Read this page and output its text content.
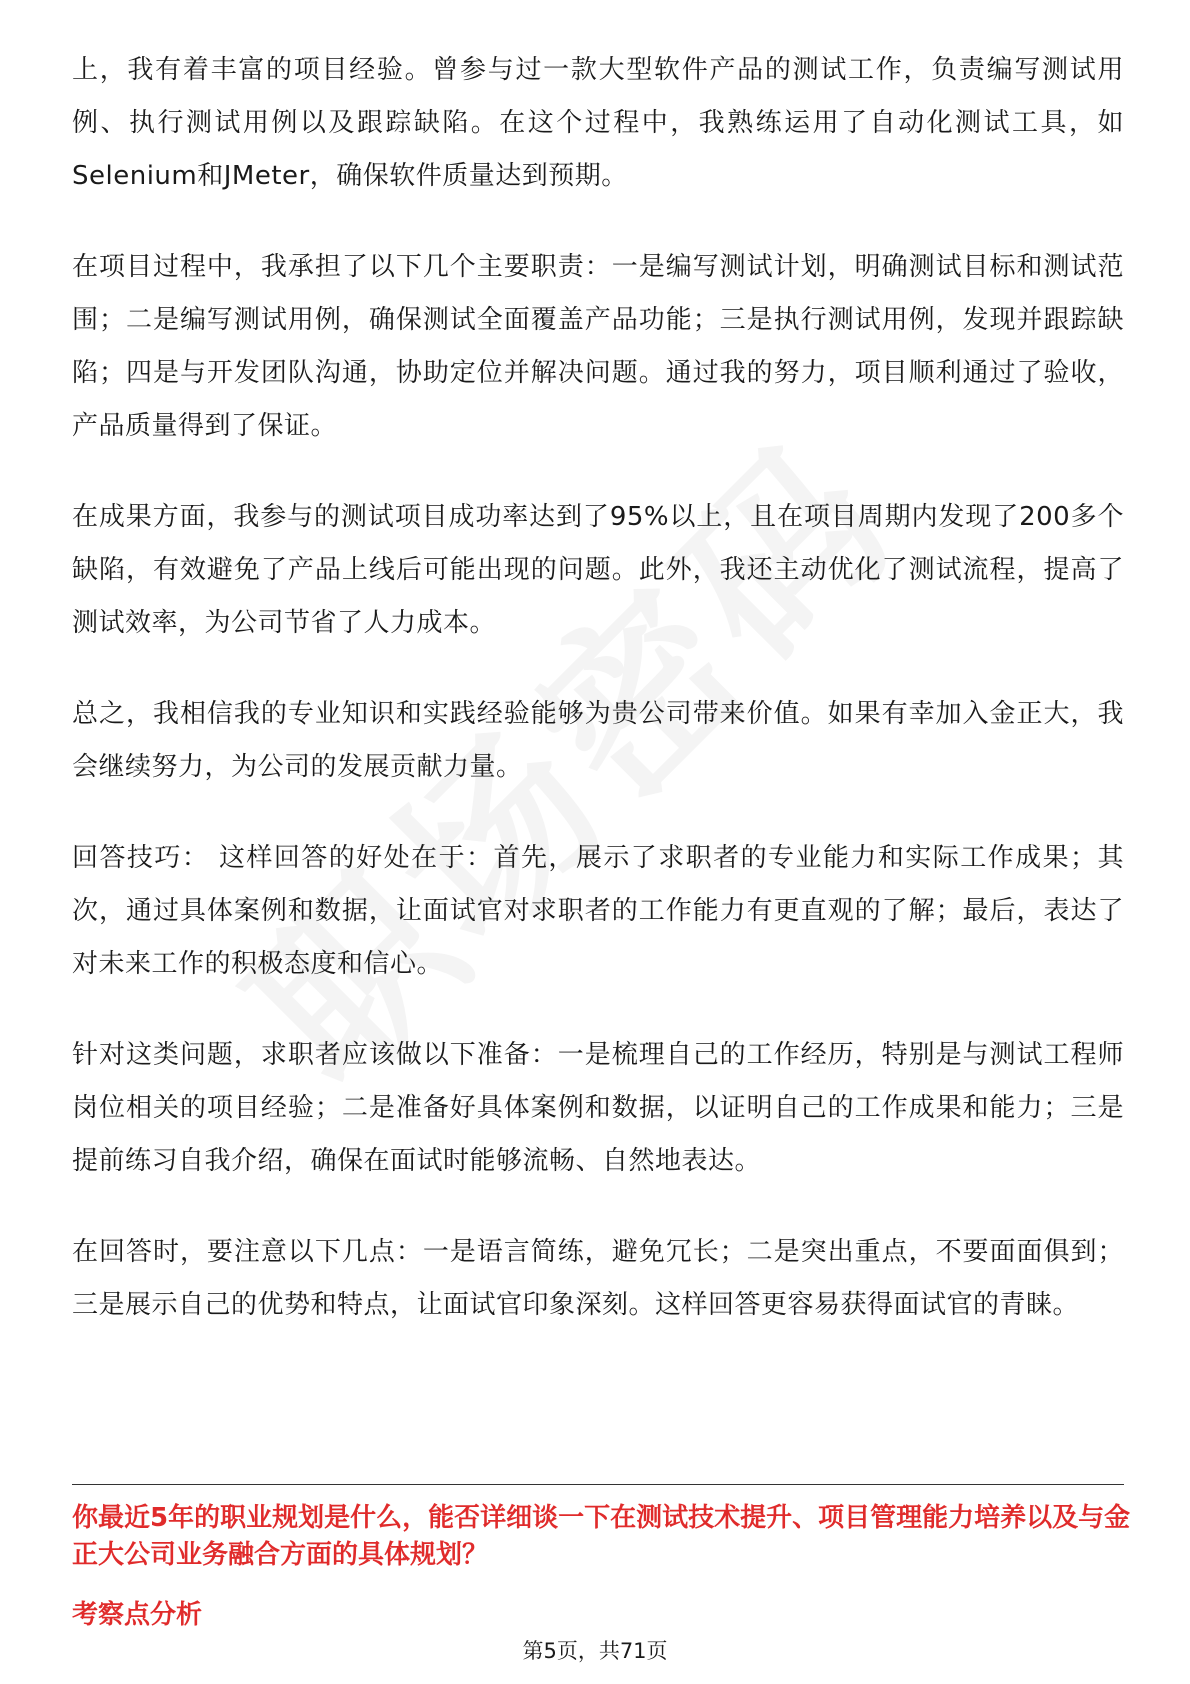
上，我有着丰富的项目经验。曾参与过一款大型软件产品的测试工作，负责编写测试用例、执行测试用例以及跟踪缺陷。在这个过程中，我熟练运用了自动化测试工具，如Selenium和JMeter，确保软件质量达到预期。

在项目过程中，我承担了以下几个主要职责：一是编写测试计划，明确测试目标和测试范围；二是编写测试用例，确保测试全面覆盖产品功能；三是执行测试用例，发现并跟踪缺陷；四是与开发团队沟通，协助定位并解决问题。通过我的努力，项目顺利通过了验收，产品质量得到了保证。

在成果方面，我参与的测试项目成功率达到了95%以上，且在项目周期内发现了200多个缺陷，有效避免了产品上线后可能出现的问题。此外，我还主动优化了测试流程，提高了测试效率，为公司节省了人力成本。

总之，我相信我的专业知识和实践经验能够为贵公司带来价值。如果有幸加入金正大，我会继续努力，为公司的发展贡献力量。

回答技巧： 这样回答的好处在于：首先，展示了求职者的专业能力和实际工作成果；其次，通过具体案例和数据，让面试官对求职者的工作能力有更直观的了解；最后，表达了对未来工作的积极态度和信心。

针对这类问题，求职者应该做以下准备：一是梳理自己的工作经历，特别是与测试工程师岗位相关的项目经验；二是准备好具体案例和数据，以证明自己的工作成果和能力；三是提前练习自我介绍，确保在面试时能够流畅、自然地表达。

在回答时，要注意以下几点：一是语言简练，避免冗长；二是突出重点，不要面面俱到；三是展示自己的优势和特点，让面试官印象深刻。这样回答更容易获得面试官的青睐。

你最近5年的职业规划是什么，能否详细谈一下在测试技术提升、项目管理能力培养以及与金正大公司业务融合方面的具体规划？

考察点分析

第5页，共71页
